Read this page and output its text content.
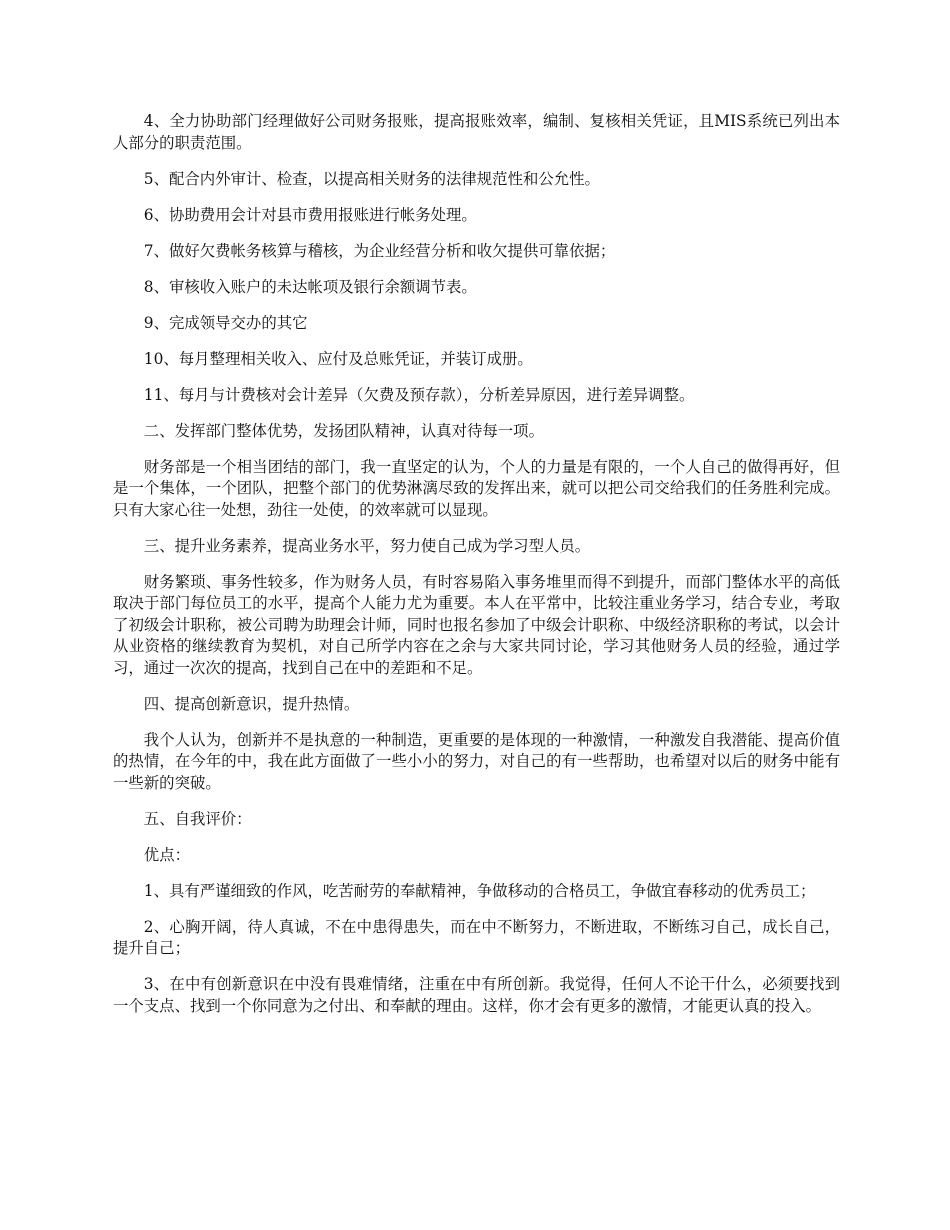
4、全力协助部门经理做好公司财务报账，提高报账效率，编制、复核相关凭证，且MIS系统已列出本人部分的职责范围。

5、配合内外审计、检查，以提高相关财务的法律规范性和公允性。

6、协助费用会计对县市费用报账进行帐务处理。

7、做好欠费帐务核算与稽核，为企业经营分析和收欠提供可靠依据；

8、审核收入账户的未达帐项及银行余额调节表。

9、完成领导交办的其它

10、每月整理相关收入、应付及总账凭证，并装订成册。

11、每月与计费核对会计差异（欠费及预存款），分析差异原因，进行差异调整。

二、发挥部门整体优势，发扬团队精神，认真对待每一项。

财务部是一个相当团结的部门，我一直坚定的认为，个人的力量是有限的，一个人自己的做得再好，但是一个集体，一个团队，把整个部门的优势淋漓尽致的发挥出来，就可以把公司交给我们的任务胜利完成。只有大家心往一处想，劲往一处使，的效率就可以显现。

三、提升业务素养，提高业务水平，努力使自己成为学习型人员。

财务繁琐、事务性较多，作为财务人员，有时容易陷入事务堆里而得不到提升，而部门整体水平的高低取决于部门每位员工的水平，提高个人能力尤为重要。本人在平常中，比较注重业务学习，结合专业，考取了初级会计职称，被公司聘为助理会计师，同时也报名参加了中级会计职称、中级经济职称的考试，以会计从业资格的继续教育为契机，对自己所学内容在之余与大家共同讨论，学习其他财务人员的经验，通过学习，通过一次次的提高，找到自己在中的差距和不足。

四、提高创新意识，提升热情。

我个人认为，创新并不是执意的一种制造，更重要的是体现的一种激情，一种激发自我潜能、提高价值的热情，在今年的中，我在此方面做了一些小小的努力，对自己的有一些帮助，也希望对以后的财务中能有一些新的突破。

五、自我评价：

优点：

1、具有严谨细致的作风，吃苦耐劳的奉献精神，争做移动的合格员工，争做宜春移动的优秀员工；

2、心胸开阔，待人真诚，不在中患得患失，而在中不断努力，不断进取，不断练习自己，成长自己，提升自己；

3、在中有创新意识在中没有畏难情绪，注重在中有所创新。我觉得，任何人不论干什么，必须要找到一个支点、找到一个你同意为之付出、和奉献的理由。这样，你才会有更多的激情，才能更认真的投入。
